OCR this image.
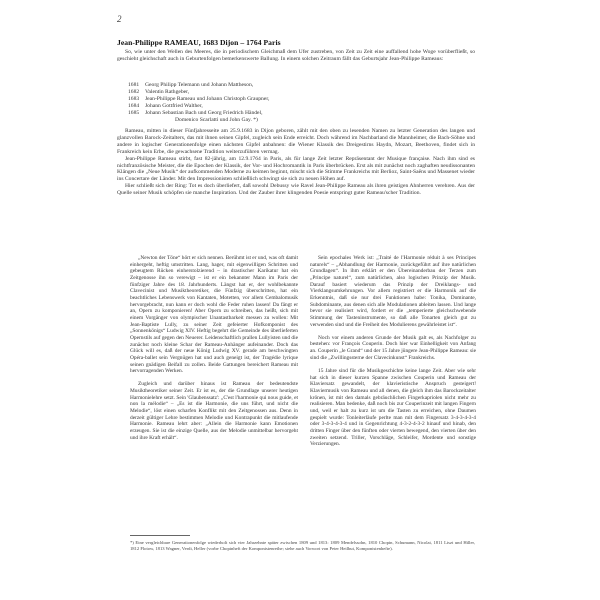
2
Jean-Philippe RAMEAU, 1683 Dijon – 1764 Paris

So, wie unter den Wellen des Meeres, die in periodischem Gleichmaß dem Ufer zustreben, von Zeit zu Zeit eine auffallend hohe Woge vorüberfließt, so geschieht gleichschaft auch in Geburtenfolgen bemerkenswerte Ballung. In einem solchen Zeitraum fällt das Geburtsjahr Jean-Philippe Rameaus:

1681	Georg Philipp Telemann und Johann Mattheson,
1682	Valentin Rathgeber,
1683	Jean-Philippe Rameau und Johann Christoph Graupner,
1684	Johann Gottfried Walther,
1685	Johann Sebastian Bach und Georg Friedrich Händel,
Domenico Scarlatti und John Gay. *)

Rameau, mitten in dieser Fünfjahresseite am 25.9.1683 in Dijon geboren, zählt mit den oben zu lesenden Namen zu letzter Generation des langen und glanzvollen Barock-Zeitalters, das mit ihnen seinen Gipfel, zugleich sein Ende erreicht. Doch während im Nachbarland die Mannheimer, die Bach-Söhne und andere in logischer Generationenfolge einen nächsten Gipfel anbahnen: die Wiener Klassik des Dreigestirns Haydn, Mozart, Beethoven, findet sich in Frankreich kein Erbe, die gewachsene Tradition weiterzuführen vermag.

Jean-Philippe Rameau stirbt, fast 82-jährig, am 12.9.1764 in Paris, als für lange Zeit letzter Repräsentant der Musique française. Nach ihm sind es nichtfranzösische Meister, die die Epochen der Klassik, der Vor- und Hochromantik in Paris überbrücken. Erst als mit zunächst noch zaghaften neudissonanten Klängen die „Neue Musik“ der aufkommenden Moderne zu keimen beginnt, mischt sich die Stimme Frankreichs mit Berlioz, Saint-Saëns und Massenet wieder ins Concertare der Länder. Mit den Impressionisten schließlich schwingt sie sich zu neuen Höhen auf.

Hier schließt sich der Ring: Tot es doch überliefert, daß sowohl Debussy wie Ravel Jean-Philippe Rameau als ihren geistigen Ahnherren verehren. Aus der Quelle seiner Musik schöpfen sie manche Inspiration. Und der Zauber ihrer klingenden Poesie entspringt guter Rameau'scher Tradition.

„Newton der Töne“ hört er sich nennen. Berühmt ist er und, was oft damit einhergeht, heftig umstritten. Lang, hager, mit eigenwilligen Schritten und gebeugtem Rücken einherstolzierend – in drastischer Karikatur hat ein Zeitgenosse ihn so verewigt – ist er ein bekannter Mann im Paris der fünfziger Jahre des 18. Jahrhunderts. Längst hat er, der wohlbekannte Clavecinist und Musiktheoretiker, die Fünfzig überschritten, hat ein beachtliches Lebenswerk von Kantaten, Motetten, vor allem Cembalomusik hervorgebracht, nun kann er doch wohl die Feder ruhen lassen! Da fängt er an, Opern zu komponieren! Aber Opern zu schreiben, das heißt, sich mit einem Vorgänger von olympischer Unantastbarkeit messen zu wollen: Mit Jean-Baptiste Lully, zu seiner Zeit gefeierter Hofkomponist des „Sonnenkönigs“ Ludwig XIV. Heftig begehrt die Gemeinde des überlieferten Opernstils auf gegen den Neuerer. Leidenschaftlich prallen Lullyisten und die zunächst noch kleine Schar der Rameau-Anhänger aufeinander. Doch das Glück will es, daß der neue König Ludwig XV. gerade am beschwingten Opéra-ballet sein Vergnügen hat und auch geneigt ist, der Tragédie lyrique seinen gnädigen Beifall zu zollen. Beide Gattungen bereichert Rameau mit hervorragenden Werken.

Zugleich und darüber hinaus ist Rameau der bedeutendste Musiktheoretiker seiner Zeit. Er ist es, der die Grundlage unserer heutigen Harmonielehre setzt. Sein 'Glaubenssatz': „C'est l'harmonie qui nous guide, et non la mélodie“ – „Es ist die Harmonie, die uns führt, und nicht die Melodie“, löst einen scharfen Konflikt mit den Zeitgenossen aus. Denn in derzeit gültiger Lehre bestimmen Melodie und Kontrapunkt die mitlaufende Harmonie. Rameau lehrt aber: „Allein die Harmonie kann Emotionen erzeugen. Sie ist die einzige Quelle, aus der Melodie unmittelbar hervorgeht und ihre Kraft erhält“.

Sein epochales Werk ist: „Traité de l'Harmonie réduit à ses Principes naturels“ – „Abhandlung der Harmonie, zurückgeführt auf ihre natürlichen Grundlagen“. In ihm erklärt er den Übereinanderbau der Terzen zum „Principe naturel“, zum natürlichen, also logischen Prinzip der Musik. Darauf basiert wiederum das Prinzip der Dreiklangs- und Vierklangsumkehrungen. Vor allem registriert er die Harmonik auf die Erkenntnis, daß sie nur drei Funktionen habe: Tonika, Dominante, Subdominante, aus denen sich alle Modulationen ableiten lassen. Und lange bevor sie realisiert wird, fordert er die „temperierte gleichschwebende Stimmung der Tasteninstrumente, so daß alle Tonarten gleich gut zu verwenden sind und die Freiheit des Modulierens gewährleistet ist“.

Noch vor einem anderen Grunde der Musik galt es, als Nachfolger zu bestehen: vor François Couperin. Doch hier war Einhelligkeit von Anfang an. Couperin „le Grand“ und der 15 Jahre jüngere Jean-Philippe Rameau: sie sind die „Zwillingssterne der Clavecinkunst“ Frankreichs.

15 Jahre sind für die Musikgeschichte keine lange Zeit. Aber wie sehr hat sich in dieser kurzen Spanne zwischen Couperin und Rameau der Klaviersatz gewandelt, der klavieristische Anspruch gesteigert! Klaviermusik von Rameau und all denen, die gleich ihm das Barockzeitalter krönen, ist mit den damals gebräuchlichen Fingerkapriolen nicht mehr zu realisieren. Man bedenke, daß noch bis zur Couperinzeit mit langen Fingern und, weil er halt zu kurz ist um die Tasten zu erreichen, ohne Daumen gespielt wurde: Tonleiterläufe perlte man mit dem Fingersatz 3-4-3-4-3-4 oder 3-4-3-4-3-4 und in Gegenrichtung 4-3-2-4-3-2 hinauf und hinab, den dritten Finger über den fünften oder vierten bewegend, den vierten über den zweiten setzend. Triller, Vorschläge, Schleifer, Mordente und sonstige Verzierungen.

*) Eine vergleichbare Generationenfolge wiederholt sich vier Jahrzehnte später zwischen 1809 und 1813: 1809 Mendelssohn, 1810 Chopin, Schumann, Nicolai, 1811 Liszt und Hiller, 1812 Flotow, 1813 Wagner, Verdi, Heller (vorbe Chopinheft der Komponistenreihe; siehe auch Vorwort von Peter Heilbut, Komponistenhefte).
